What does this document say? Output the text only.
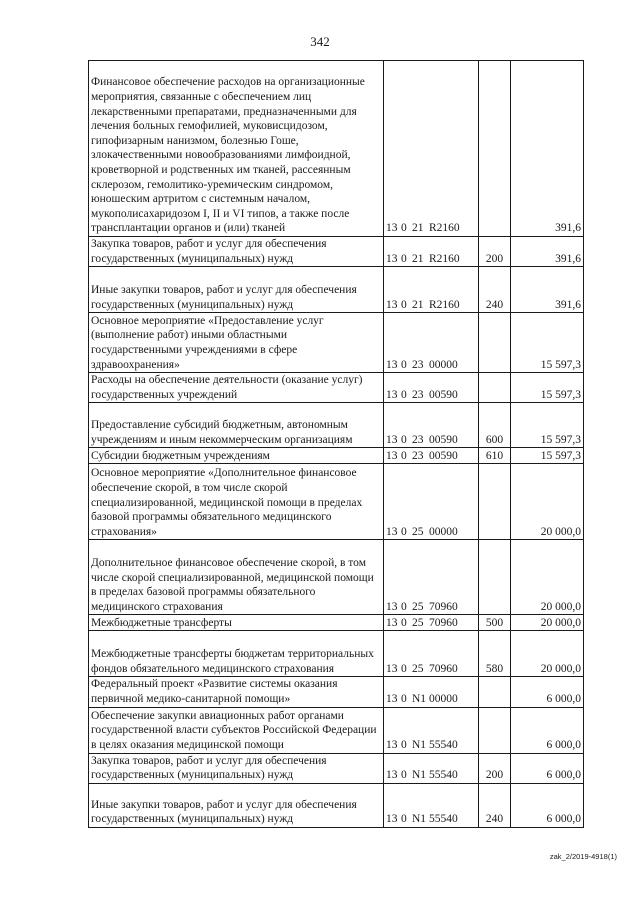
342
Финансовое обеспечение расходов на организационные мероприятия, связанные с обеспечением лиц лекарственными препаратами, предназначенными для лечения больных гемофилией, муковисцидозом, гипофизарным нанизмом, болезнью Гоше, злокачественными новообразованиями лимфоидной, кроветворной и родственных им тканей, рассеянным склерозом, гемолитико-уремическим синдромом, юношеским артритом с системным началом, мукополисахаридозом I, II и VI типов, а также после трансплантации органов и (или) тканей	13 0 21 R2160		391,6
Закупка товаров, работ и услуг для обеспечения государственных (муниципальных) нужд	13 0 21 R2160	200	391,6
Иные закупки товаров, работ и услуг для обеспечения государственных (муниципальных) нужд	13 0 21 R2160	240	391,6
Основное мероприятие «Предоставление услуг (выполнение работ) иными областными государственными учреждениями в сфере здравоохранения»	13 0 23 00000		15 597,3
Расходы на обеспечение деятельности (оказание услуг) государственных учреждений	13 0 23 00590		15 597,3
Предоставление субсидий бюджетным, автономным учреждениям и иным некоммерческим организациям	13 0 23 00590	600	15 597,3
Субсидии бюджетным учреждениям	13 0 23 00590	610	15 597,3
Основное мероприятие «Дополнительное финансовое обеспечение скорой, в том числе скорой специализированной, медицинской помощи в пределах базовой программы обязательного медицинского страхования»	13 0 25 00000		20 000,0
Дополнительное финансовое обеспечение скорой, в том числе скорой специализированной, медицинской помощи в пределах базовой программы обязательного медицинского страхования	13 0 25 70960		20 000,0
Межбюджетные трансферты	13 0 25 70960	500	20 000,0
Межбюджетные трансферты бюджетам территориальных фондов обязательного медицинского страхования	13 0 25 70960	580	20 000,0
Федеральный проект «Развитие системы оказания первичной медико-санитарной помощи»	13 0 N1 00000		6 000,0
Обеспечение закупки авиационных работ органами государственной власти субъектов Российской Федерации в целях оказания медицинской помощи	13 0 N1 55540		6 000,0
Закупка товаров, работ и услуг для обеспечения государственных (муниципальных) нужд	13 0 N1 55540	200	6 000,0
Иные закупки товаров, работ и услуг для обеспечения государственных (муниципальных) нужд	13 0 N1 55540	240	6 000,0
zak_2/2019-4918(1)
